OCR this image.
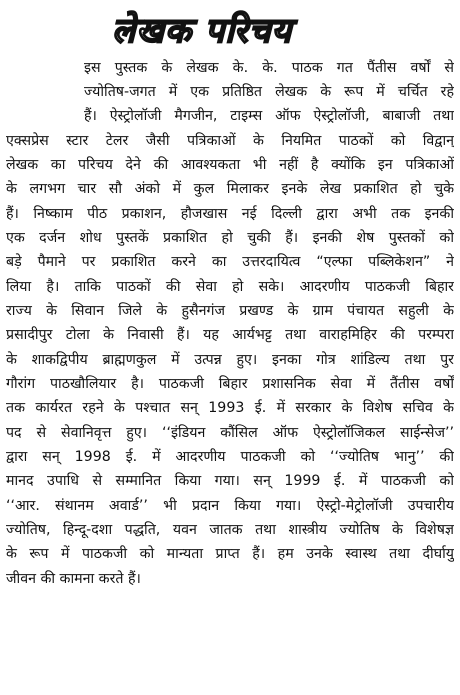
लेखक परिचय
इस पुस्तक के लेखक के. के. पाठक गत पैंतीस वर्षों से
ज्योतिष-जगत में एक प्रतिष्ठित लेखक के रूप में चर्चित रहे
हैं। ऐस्ट्रोलॉजी मैगजीन, टाइम्स ऑफ ऐस्ट्रोलॉजी, बाबाजी तथा
एक्सप्रेस स्टार टेलर जैसी पत्रिकाओं के नियमित पाठकों को विद्वान्
लेखक का परिचय देने की आवश्यकता भी नहीं है क्योंकि इन पत्रिकाओं
के लगभग चार सौ अंको में कुल मिलाकर इनके लेख प्रकाशित हो चुके
हैं। निष्काम पीठ प्रकाशन, हौजखास नई दिल्ली द्वारा अभी तक इनकी
एक दर्जन शोध पुस्तकें प्रकाशित हो चुकी हैं। इनकी शेष पुस्तकों को
बड़े पैमाने पर प्रकाशित करने का उत्तरदायित्व “एल्फा पब्लिकेशन” ने
लिया है। ताकि पाठकों की सेवा हो सके। आदरणीय पाठकजी बिहार
राज्य के सिवान जिले के हुसैनगंज प्रखण्ड के ग्राम पंचायत सहुली के
प्रसादीपुर टोला के निवासी हैं। यह आर्यभट्ट तथा वाराहमिहिर की परम्परा
के शाकद्विपीय ब्राह्मणकुल में उत्पन्न हुए। इनका गोत्र शांडिल्य तथा पुर
गौरांग पाठखौलियार है। पाठकजी बिहार प्रशासनिक सेवा में तैंतीस वर्षों
तक कार्यरत रहने के पश्चात सन् 1993 ई. में सरकार के विशेष सचिव के
पद से सेवानिवृत्त हुए। ‘‘इंडियन कौंसिल ऑफ ऐस्ट्रोलॉजिकल साईन्सेज’’
द्वारा सन् 1998 ई. में आदरणीय पाठकजी को ‘‘ज्योतिष भानु’’ की
मानद उपाधि से सम्मानित किया गया। सन् 1999 ई. में पाठकजी को
‘‘आर. संथानम अवार्ड’’ भी प्रदान किया गया। ऐस्ट्रो-मेट्रोलॉजी उपचारीय
ज्योतिष, हिन्दू-दशा पद्धति, यवन जातक तथा शास्त्रीय ज्योतिष के विशेषज्ञ
के रूप में पाठकजी को मान्यता प्राप्त हैं। हम उनके स्वास्थ तथा दीर्घायु
जीवन की कामना करते हैं।
